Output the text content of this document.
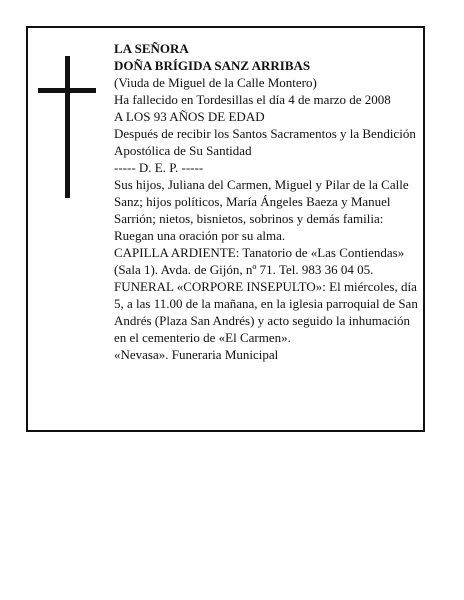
LA SEÑORA

DOÑA BRÍGIDA SANZ ARRIBAS

(Viuda de Miguel de la Calle Montero)

Ha fallecido en Tordesillas el día 4 de marzo de 2008

A LOS 93 AÑOS DE EDAD

Después de recibir los Santos Sacramentos y la Bendición Apostólica de Su Santidad

----- D. E. P. -----

Sus hijos, Juliana del Carmen, Miguel y Pilar de la Calle Sanz; hijos políticos, María Ángeles Baeza y Manuel Sarrión; nietos, bisnietos, sobrinos y demás familia:

Ruegan una oración por su alma.

CAPILLA ARDIENTE: Tanatorio de «Las Contiendas» (Sala 1). Avda. de Gijón, nº 71. Tel. 983 36 04 05.

FUNERAL «CORPORE INSEPULTO»: El miércoles, día 5, a las 11.00 de la mañana, en la iglesia parroquial de San Andrés (Plaza San Andrés) y acto seguido la inhumación en el cementerio de «El Carmen».

«Nevasa». Funeraria Municipal
